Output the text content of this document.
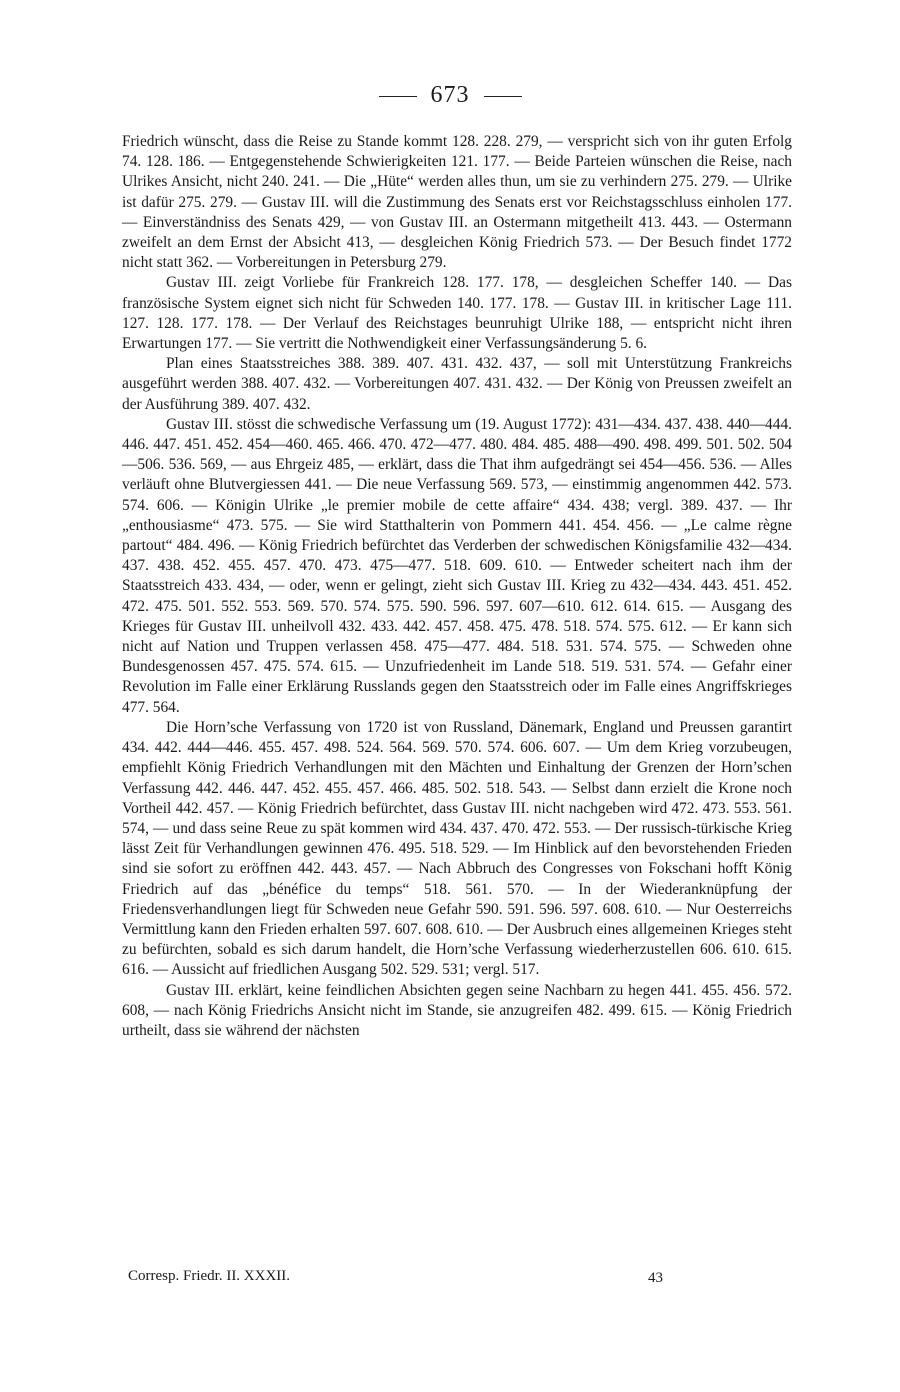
673

Friedrich wünscht, dass die Reise zu Stande kommt 128. 228. 279, — verspricht sich von ihr guten Erfolg 74. 128. 186. — Entgegenstehende Schwierigkeiten 121. 177. — Beide Parteien wünschen die Reise, nach Ulrikes Ansicht, nicht 240. 241. — Die „Hüte“ werden alles thun, um sie zu verhindern 275. 279. — Ulrike ist dafür 275. 279. — Gustav III. will die Zustimmung des Senats erst vor Reichstagsschluss einholen 177. — Einverständniss des Senats 429, — von Gustav III. an Ostermann mitgetheilt 413. 443. — Ostermann zweifelt an dem Ernst der Absicht 413, — desgleichen König Friedrich 573. — Der Besuch findet 1772 nicht statt 362. — Vorbereitungen in Petersburg 279.

Gustav III. zeigt Vorliebe für Frankreich 128. 177. 178, — desgleichen Scheffer 140. — Das französische System eignet sich nicht für Schweden 140. 177. 178. — Gustav III. in kritischer Lage 111. 127. 128. 177. 178. — Der Verlauf des Reichstages beunruhigt Ulrike 188, — entspricht nicht ihren Erwartungen 177. — Sie vertritt die Nothwendigkeit einer Verfassungsänderung 5. 6.

Plan eines Staatsstreiches 388. 389. 407. 431. 432. 437, — soll mit Unterstützung Frankreichs ausgeführt werden 388. 407. 432. — Vorbereitungen 407. 431. 432. — Der König von Preussen zweifelt an der Ausführung 389. 407. 432.

Gustav III. stösst die schwedische Verfassung um (19. August 1772): 431—434. 437. 438. 440—444. 446. 447. 451. 452. 454—460. 465. 466. 470. 472—477. 480. 484. 485. 488—490. 498. 499. 501. 502. 504—506. 536. 569, — aus Ehrgeiz 485, — erklärt, dass die That ihm aufgedrängt sei 454—456. 536. — Alles verläuft ohne Blutvergiessen 441. — Die neue Verfassung 569. 573, — einstimmig angenommen 442. 573. 574. 606. — Königin Ulrike „le premier mobile de cette affaire“ 434. 438; vergl. 389. 437. — Ihr „enthousiasme“ 473. 575. — Sie wird Statthalterin von Pommern 441. 454. 456. — „Le calme règne partout“ 484. 496. — König Friedrich befürchtet das Verderben der schwedischen Königsfamilie 432—434. 437. 438. 452. 455. 457. 470. 473. 475—477. 518. 609. 610. — Entweder scheitert nach ihm der Staatsstreich 433. 434, — oder, wenn er gelingt, zieht sich Gustav III. Krieg zu 432—434. 443. 451. 452. 472. 475. 501. 552. 553. 569. 570. 574. 575. 590. 596. 597. 607—610. 612. 614. 615. — Ausgang des Krieges für Gustav III. unheilvoll 432. 433. 442. 457. 458. 475. 478. 518. 574. 575. 612. — Er kann sich nicht auf Nation und Truppen verlassen 458. 475—477. 484. 518. 531. 574. 575. — Schweden ohne Bundesgenossen 457. 475. 574. 615. — Unzufriedenheit im Lande 518. 519. 531. 574. — Gefahr einer Revolution im Falle einer Erklärung Russlands gegen den Staatsstreich oder im Falle eines Angriffskrieges 477. 564.

Die Horn’sche Verfassung von 1720 ist von Russland, Dänemark, England und Preussen garantirt 434. 442. 444—446. 455. 457. 498. 524. 564. 569. 570. 574. 606. 607. — Um dem Krieg vorzubeugen, empfiehlt König Friedrich Verhandlungen mit den Mächten und Einhaltung der Grenzen der Horn’schen Verfassung 442. 446. 447. 452. 455. 457. 466. 485. 502. 518. 543. — Selbst dann erzielt die Krone noch Vortheil 442. 457. — König Friedrich befürchtet, dass Gustav III. nicht nachgeben wird 472. 473. 553. 561. 574, — und dass seine Reue zu spät kommen wird 434. 437. 470. 472. 553. — Der russisch-türkische Krieg lässt Zeit für Verhandlungen gewinnen 476. 495. 518. 529. — Im Hinblick auf den bevorstehenden Frieden sind sie sofort zu eröffnen 442. 443. 457. — Nach Abbruch des Congresses von Fokschani hofft König Friedrich auf das „bénéfice du temps“ 518. 561. 570. — In der Wiederanknüpfung der Friedensverhandlungen liegt für Schweden neue Gefahr 590. 591. 596. 597. 608. 610. — Nur Oesterreichs Vermittlung kann den Frieden erhalten 597. 607. 608. 610. — Der Ausbruch eines allgemeinen Krieges steht zu befürchten, sobald es sich darum handelt, die Horn’sche Verfassung wiederherzustellen 606. 610. 615. 616. — Aussicht auf friedlichen Ausgang 502. 529. 531; vergl. 517.

Gustav III. erklärt, keine feindlichen Absichten gegen seine Nachbarn zu hegen 441. 455. 456. 572. 608, — nach König Friedrichs Ansicht nicht im Stande, sie anzugreifen 482. 499. 615. — König Friedrich urtheilt, dass sie während der nächsten

Corresp. Friedr. II. XXXII.	43
